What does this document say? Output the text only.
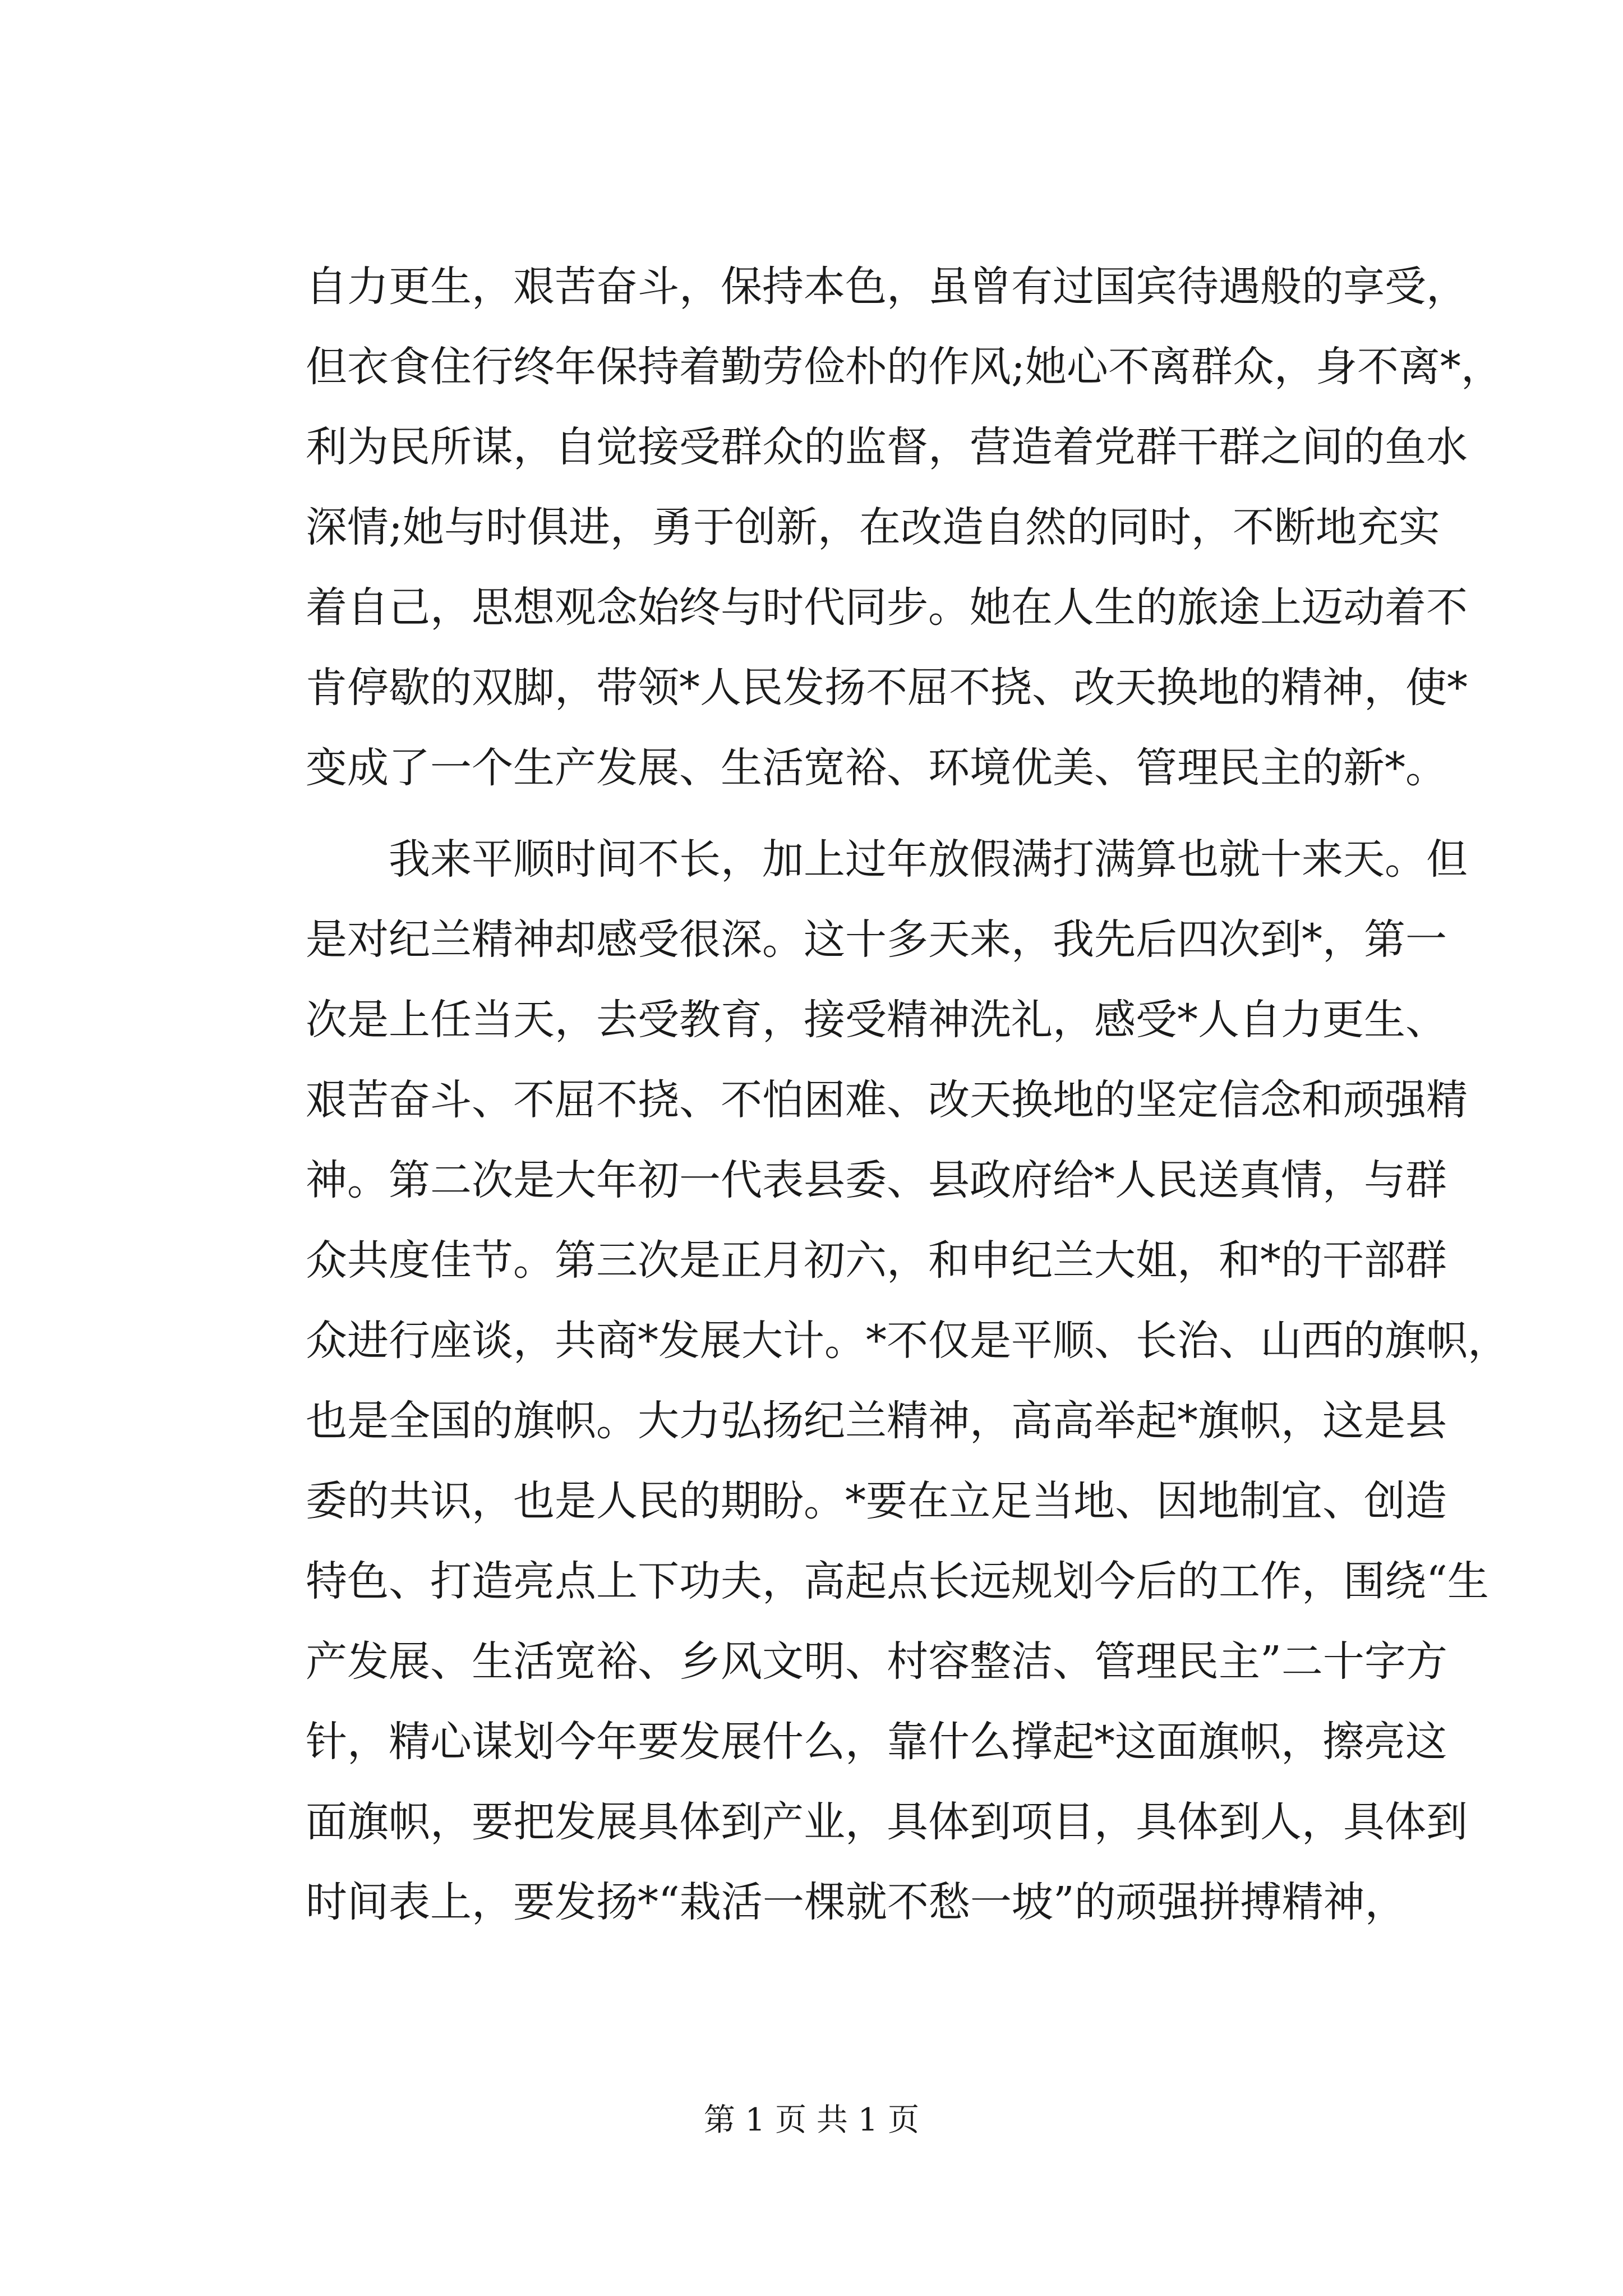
自力更生，艰苦奋斗，保持本色，虽曾有过国宾待遇般的享受，
但衣食住行终年保持着勤劳俭朴的作风;她心不离群众，身不离*，
利为民所谋，自觉接受群众的监督，营造着党群干群之间的鱼水
深情;她与时俱进，勇于创新，在改造自然的同时，不断地充实
着自己，思想观念始终与时代同步。她在人生的旅途上迈动着不
肯停歇的双脚，带领*人民发扬不屈不挠、改天换地的精神，使*
变成了一个生产发展、生活宽裕、环境优美、管理民主的新*。
我来平顺时间不长，加上过年放假满打满算也就十来天。但
是对纪兰精神却感受很深。这十多天来，我先后四次到*，第一
次是上任当天，去受教育，接受精神洗礼，感受*人自力更生、
艰苦奋斗、不屈不挠、不怕困难、改天换地的坚定信念和顽强精
神。第二次是大年初一代表县委、县政府给*人民送真情，与群
众共度佳节。第三次是正月初六，和申纪兰大姐，和*的干部群
众进行座谈，共商*发展大计。*不仅是平顺、长治、山西的旗帜，
也是全国的旗帜。大力弘扬纪兰精神，高高举起*旗帜，这是县
委的共识，也是人民的期盼。*要在立足当地、因地制宜、创造
特色、打造亮点上下功夫，高起点长远规划今后的工作，围绕“生
产发展、生活宽裕、乡风文明、村容整洁、管理民主”二十字方
针，精心谋划今年要发展什么，靠什么撑起*这面旗帜，擦亮这
面旗帜，要把发展具体到产业，具体到项目，具体到人，具体到
时间表上，要发扬*“栽活一棵就不愁一坡”的顽强拼搏精神，
第 1 页 共 1 页
